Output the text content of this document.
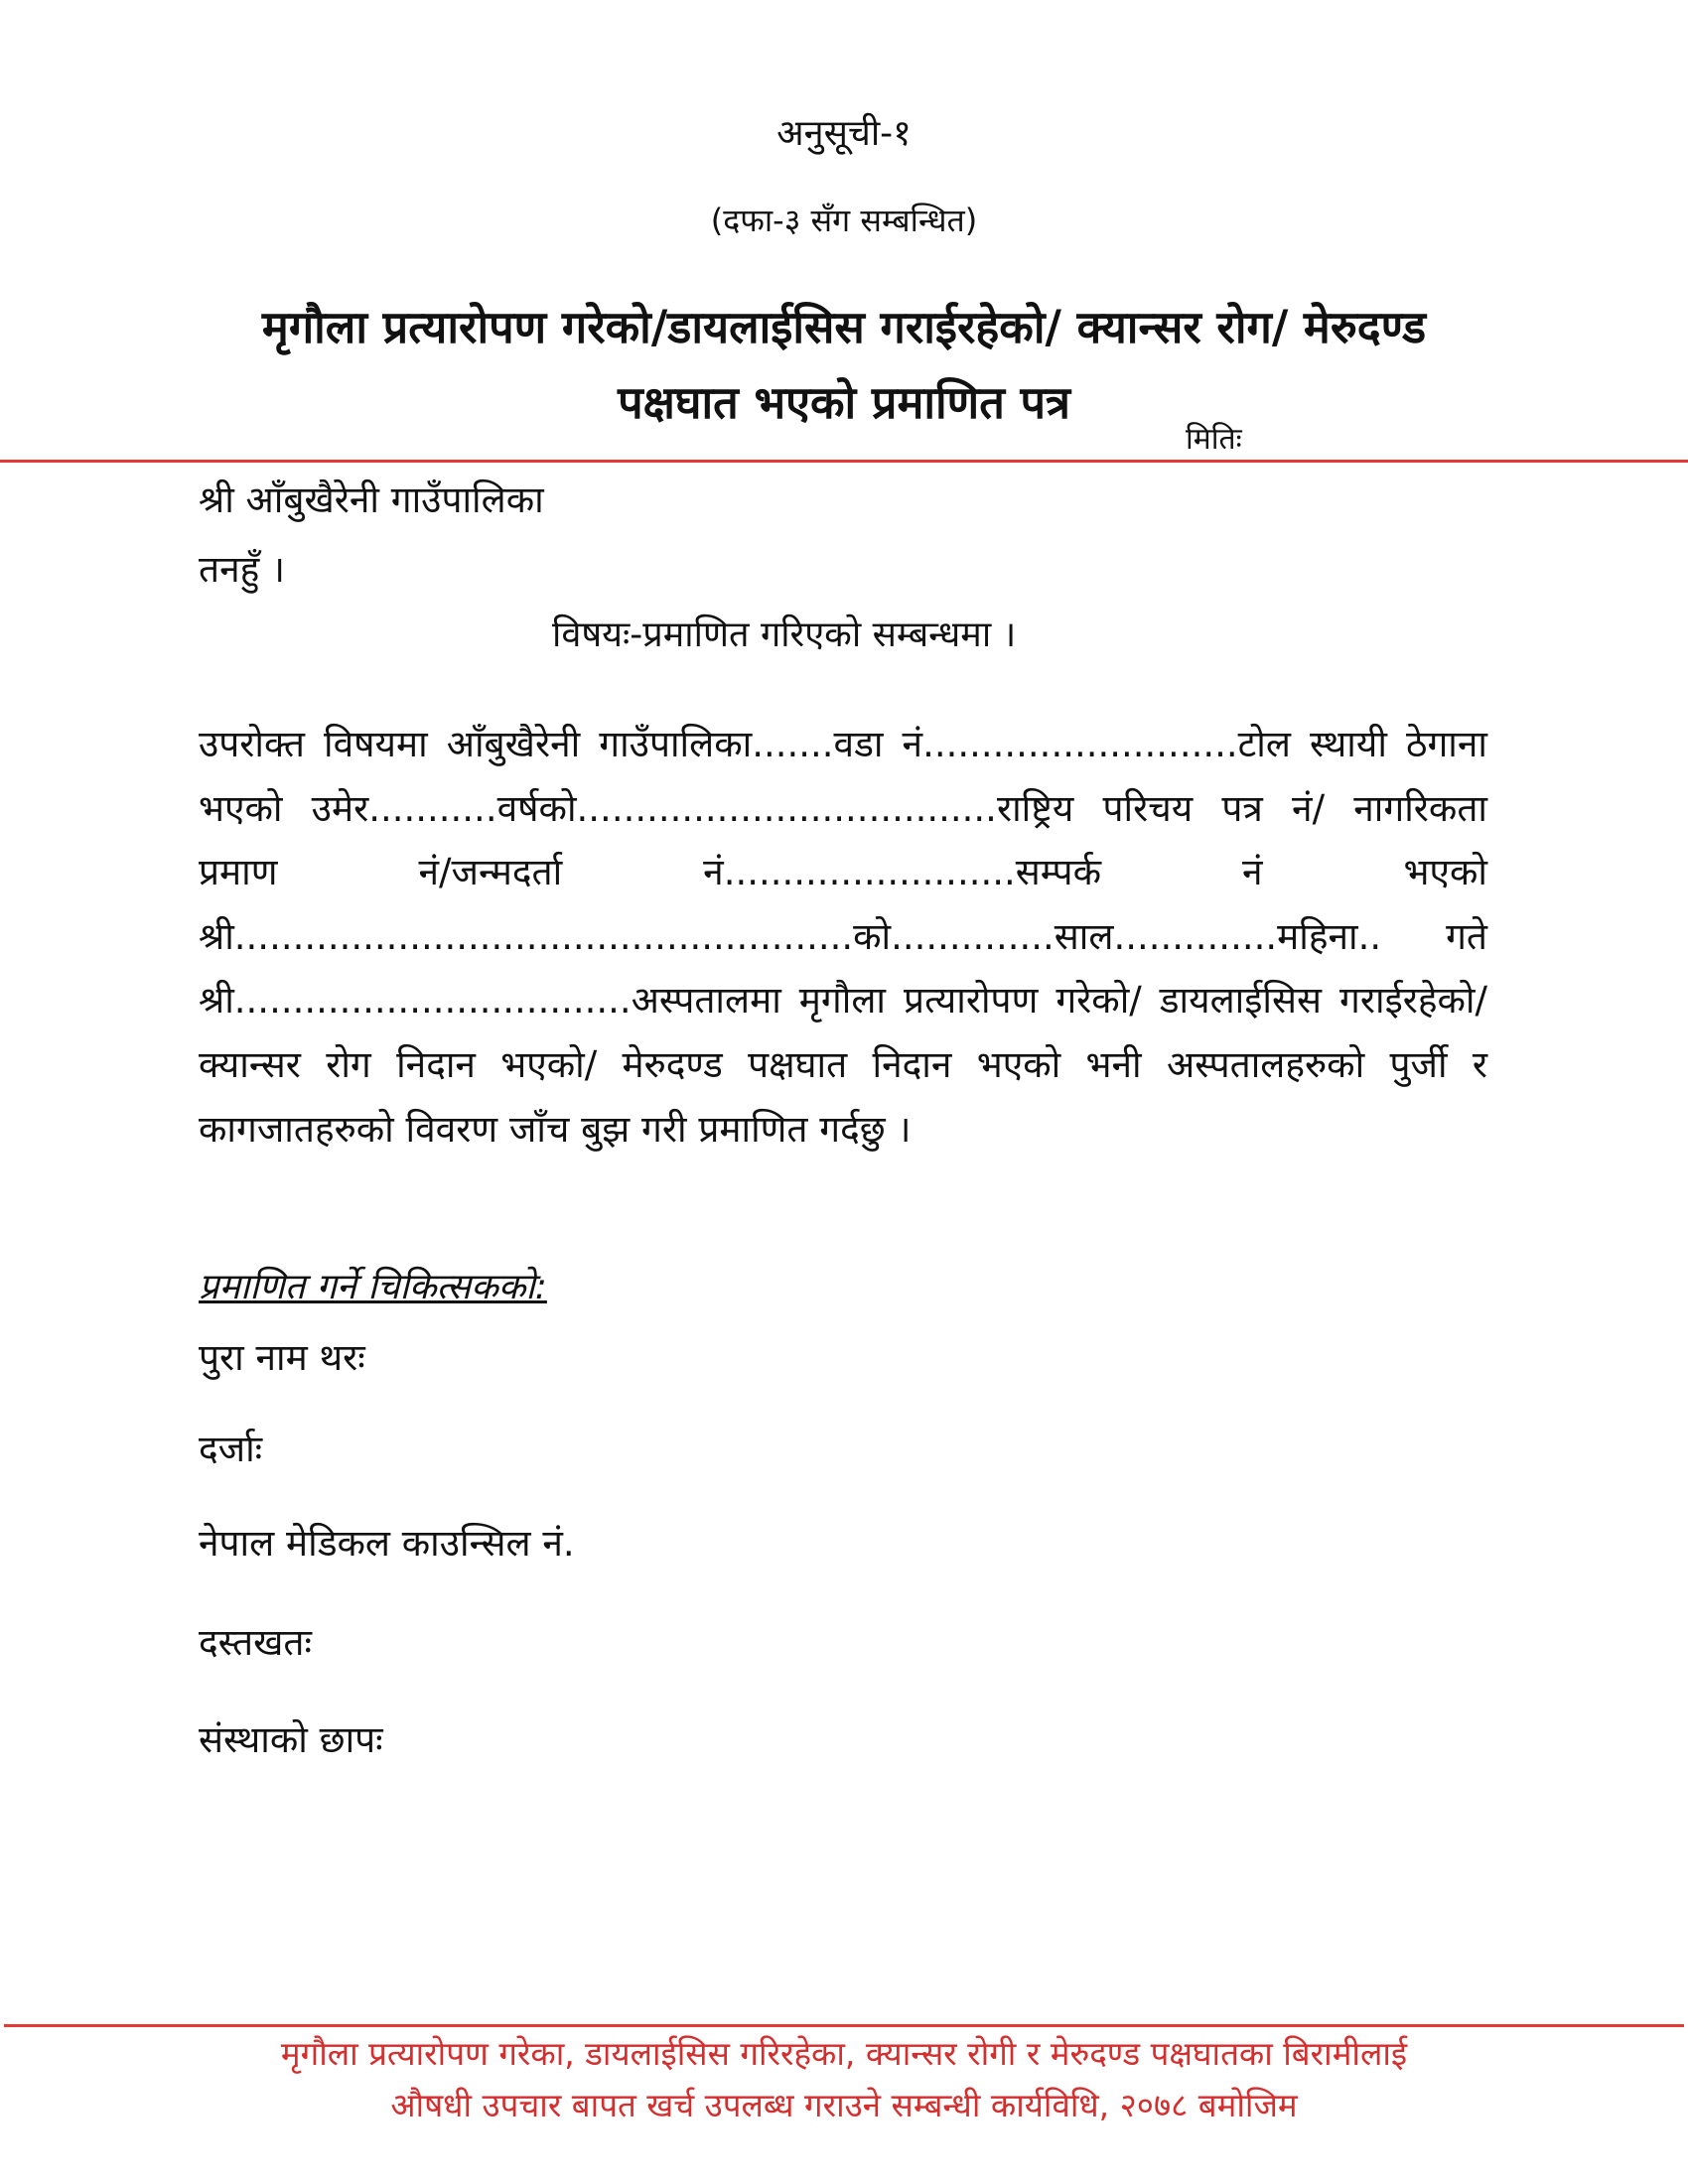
अनुसूची-१
(दफा-३ सँग सम्बन्धित)
मृगौला प्रत्यारोपण गरेको/डायलाईसिस गराईरहेको/ क्यान्सर रोग/ मेरुदण्ड
पक्षघात भएको प्रमाणित पत्र
मितिः
श्री आँबुखैरेनी गाउँपालिका
तनहुँ ।
विषयः-प्रमाणित गरिएको सम्बन्धमा ।
उपरोक्त विषयमा आँबुखैरेनी गाउँपालिका.......वडा नं...........................टोल स्थायी ठेगाना भएको उमेर...........वर्षको....................................राष्ट्रिय परिचय पत्र नं/ नागरिकता प्रमाण नं/जन्मदर्ता नं.........................सम्पर्क नं भएको श्री.....................................................को..............साल..............महिना.. गते श्री..................................अस्पतालमा मृगौला प्रत्यारोपण गरेको/ डायलाईसिस गराईरहेको/ क्यान्सर रोग निदान भएको/ मेरुदण्ड पक्षघात निदान भएको भनी अस्पतालहरुको पुर्जी र कागजातहरुको विवरण जाँच बुझ गरी प्रमाणित गर्दछु ।
प्रमाणित गर्ने चिकित्सकको:
पुरा नाम थरः
दर्जाः
नेपाल मेडिकल काउन्सिल नं.
दस्तखतः
संस्थाको छापः
मृगौला प्रत्यारोपण गरेका, डायलाईसिस गरिरहेका, क्यान्सर रोगी र मेरुदण्ड पक्षघातका बिरामीलाई
औषधी उपचार बापत खर्च उपलब्ध गराउने सम्बन्धी कार्यविधि, २०७८ बमोजिम
